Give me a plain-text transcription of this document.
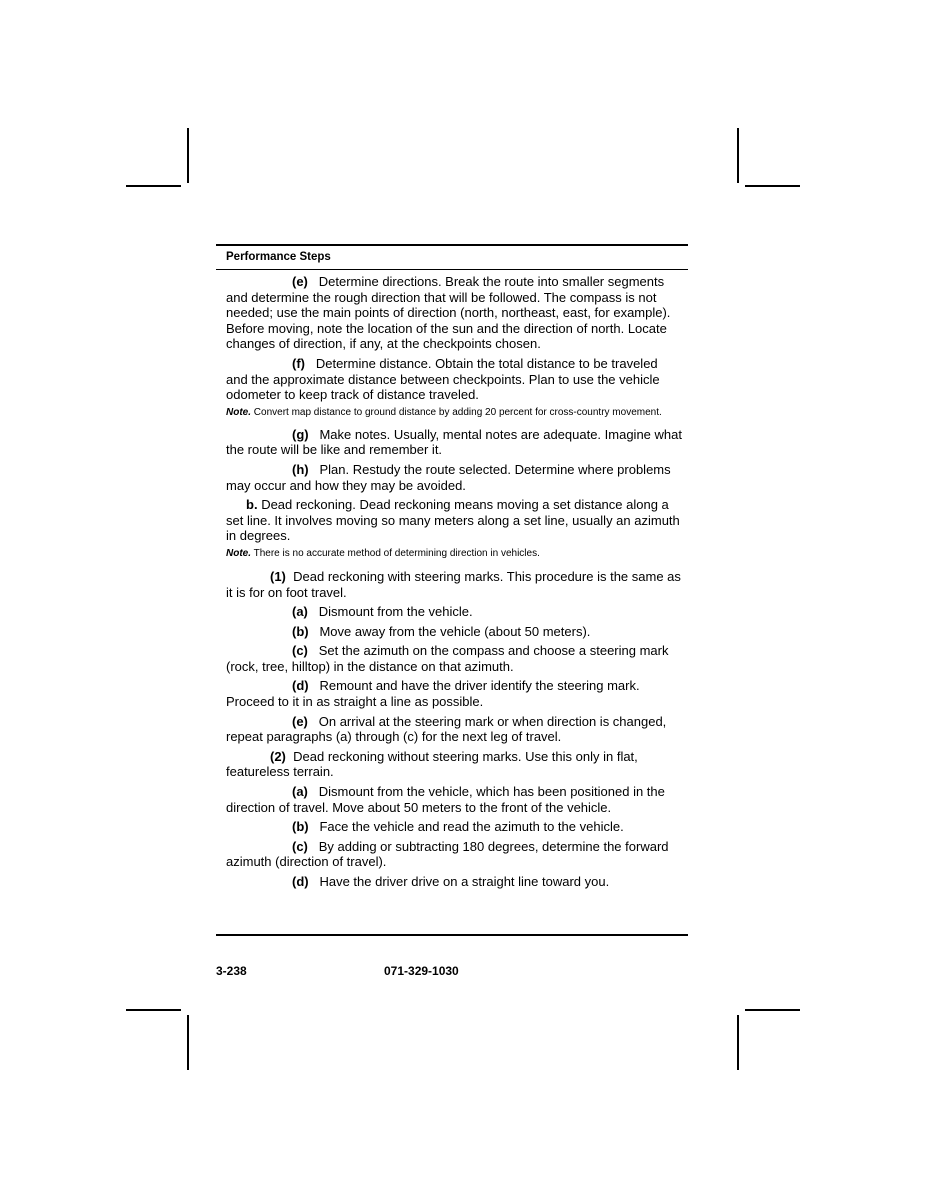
Performance Steps

(e) Determine directions. Break the route into smaller segments and determine the rough direction that will be followed. The compass is not needed; use the main points of direction (north, northeast, east, for example). Before moving, note the location of the sun and the direction of north. Locate changes of direction, if any, at the checkpoints chosen.

(f) Determine distance. Obtain the total distance to be traveled and the approximate distance between checkpoints. Plan to use the vehicle odometer to keep track of distance traveled.

Note. Convert map distance to ground distance by adding 20 percent for cross-country movement.

(g) Make notes. Usually, mental notes are adequate. Imagine what the route will be like and remember it.

(h) Plan. Restudy the route selected. Determine where problems may occur and how they may be avoided.

b. Dead reckoning. Dead reckoning means moving a set distance along a set line. It involves moving so many meters along a set line, usually an azimuth in degrees.

Note. There is no accurate method of determining direction in vehicles.

(1) Dead reckoning with steering marks. This procedure is the same as it is for on foot travel.

(a) Dismount from the vehicle.

(b) Move away from the vehicle (about 50 meters).

(c) Set the azimuth on the compass and choose a steering mark (rock, tree, hilltop) in the distance on that azimuth.

(d) Remount and have the driver identify the steering mark. Proceed to it in as straight a line as possible.

(e) On arrival at the steering mark or when direction is changed, repeat paragraphs (a) through (c) for the next leg of travel.

(2) Dead reckoning without steering marks. Use this only in flat, featureless terrain.

(a) Dismount from the vehicle, which has been positioned in the direction of travel. Move about 50 meters to the front of the vehicle.

(b) Face the vehicle and read the azimuth to the vehicle.

(c) By adding or subtracting 180 degrees, determine the forward azimuth (direction of travel).

(d) Have the driver drive on a straight line toward you.

3-238	071-329-1030
